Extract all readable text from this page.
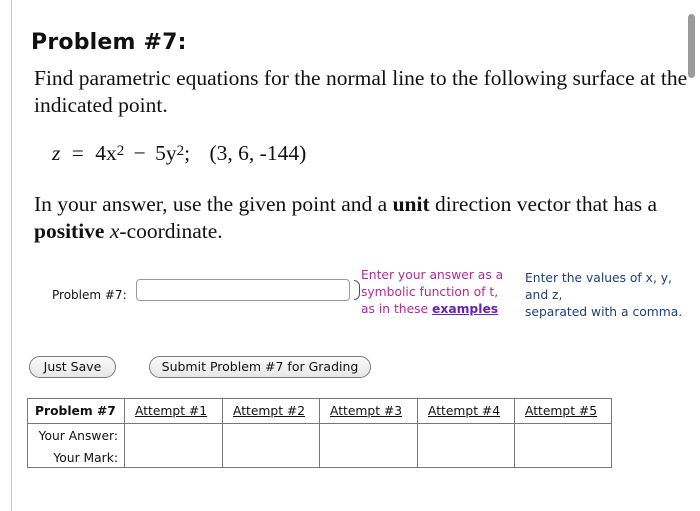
Problem #7:
Find parametric equations for the normal line to the following surface at the indicated point.
$z = 4x^2 - 5y^2$; (3, 6, -144)
In your answer, use the given point and a unit direction vector that has a positive x-coordinate.
Problem #7:
Enter your answer as a
symbolic function of t,
as in these examples
Enter the values of x, y,
and z,
separated with a comma.
Just Save	Submit Problem #7 for Grading
Problem #7
Your Answer:
Your Mark:
Attempt #1 Attempt #2 Attempt #3 Attempt #4 Attempt #5
